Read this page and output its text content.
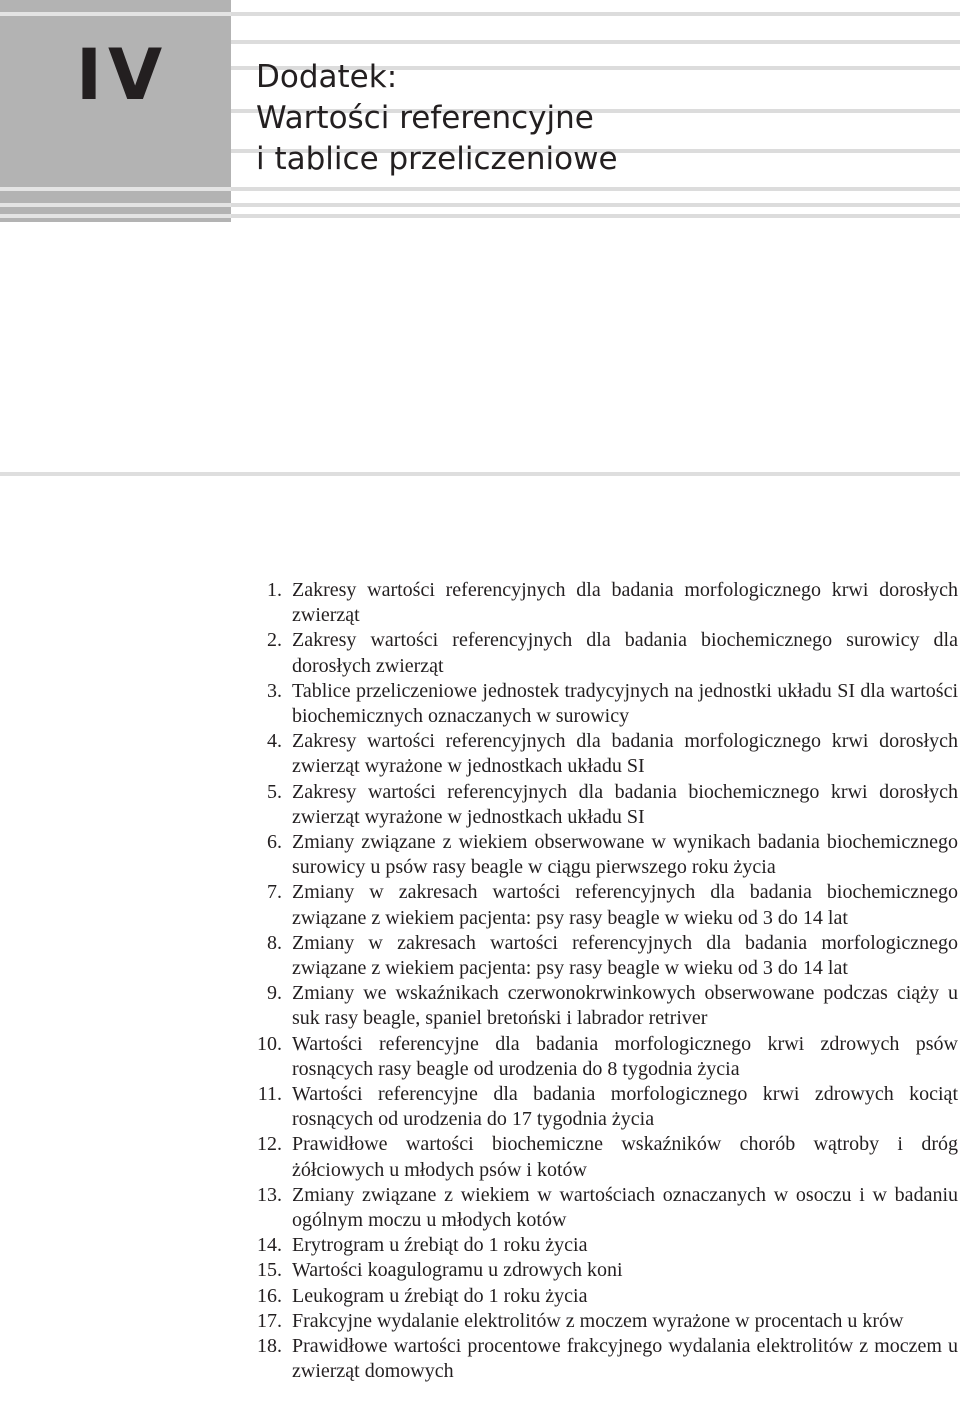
IV	Dodatek:
Wartości referencyjne
i tablice przeliczeniowe
1. Zakresy wartości referencyjnych dla badania morfologicznego krwi dorosłych zwierząt
2. Zakresy wartości referencyjnych dla badania biochemicznego surowicy dla dorosłych zwierząt
3. Tablice przeliczeniowe jednostek tradycyjnych na jednostki układu SI dla wartości biochemicznych oznaczanych w surowicy
4. Zakresy wartości referencyjnych dla badania morfologicznego krwi dorosłych zwierząt wyrażone w jednostkach układu SI
5. Zakresy wartości referencyjnych dla badania biochemicznego krwi dorosłych zwierząt wyrażone w jednostkach układu SI
6. Zmiany związane z wiekiem obserwowane w wynikach badania biochemicznego surowicy u psów rasy beagle w ciągu pierwszego roku życia
7. Zmiany w zakresach wartości referencyjnych dla badania biochemicznego związane z wiekiem pacjenta: psy rasy beagle w wieku od 3 do 14 lat
8. Zmiany w zakresach wartości referencyjnych dla badania morfologicznego związane z wiekiem pacjenta: psy rasy beagle w wieku od 3 do 14 lat
9. Zmiany we wskaźnikach czerwonokrwinkowych obserwowane podczas ciąży u suk rasy beagle, spaniel bretoński i labrador retriver
10. Wartości referencyjne dla badania morfologicznego krwi zdrowych psów rosnących rasy beagle od urodzenia do 8 tygodnia życia
11. Wartości referencyjne dla badania morfologicznego krwi zdrowych kociąt rosnących od urodzenia do 17 tygodnia życia
12. Prawidłowe wartości biochemiczne wskaźników chorób wątroby i dróg żółciowych u młodych psów i kotów
13. Zmiany związane z wiekiem w wartościach oznaczanych w osoczu i w badaniu ogólnym moczu u młodych kotów
14. Erytrogram u źrebiąt do 1 roku życia
15. Wartości koagulogramu u zdrowych koni
16. Leukogram u źrebiąt do 1 roku życia
17. Frakcyjne wydalanie elektrolitów z moczem wyrażone w procentach u krów
18. Prawidłowe wartości procentowe frakcyjnego wydalania elektrolitów z moczem u zwierząt domowych
